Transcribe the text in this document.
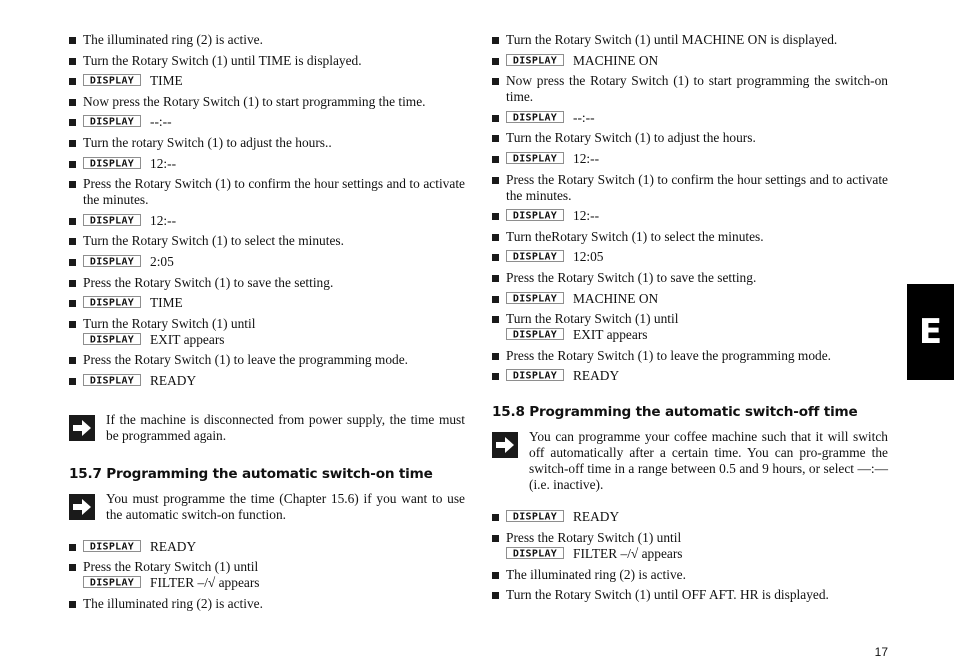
The illuminated ring (2) is active.
Turn the Rotary Switch (1) until TIME is displayed.
DISPLAY TIME
Now press the Rotary Switch (1) to start programming the time.
DISPLAY --:--
Turn the rotary Switch (1) to adjust the hours..
DISPLAY 12:--
Press the Rotary Switch (1) to confirm the hour settings and to activate the minutes.
DISPLAY 12:--
Turn the Rotary Switch (1) to select the minutes.
DISPLAY 2:05
Press the Rotary Switch (1) to save the setting.
DISPLAY TIME
Turn the Rotary Switch (1) until
DISPLAY EXIT appears
Press the Rotary Switch (1) to leave the programming mode.
DISPLAY READY
If the machine is disconnected from power supply, the time must be programmed again.
15.7 Programming the automatic switch-on time
You must programme the time (Chapter 15.6) if you want to use the automatic switch-on function.
DISPLAY READY
Press the Rotary Switch (1) until
DISPLAY FILTER –/√ appears
The illuminated ring (2) is active.
Turn the Rotary Switch (1) until MACHINE ON is displayed.
DISPLAY MACHINE ON
Now press the Rotary Switch (1) to start programming the switch-on time.
DISPLAY --:--
Turn the Rotary Switch (1) to adjust the hours.
DISPLAY 12:--
Press the Rotary Switch (1) to confirm the hour settings and to activate the minutes.
DISPLAY 12:--
Turn theRotary Switch (1) to select the minutes.
DISPLAY 12:05
Press the Rotary Switch (1) to save the setting.
DISPLAY MACHINE ON
Turn the Rotary Switch (1) until
DISPLAY EXIT appears
Press the Rotary Switch (1) to leave the programming mode.
DISPLAY READY
15.8 Programming the automatic switch-off time
You can programme your coffee machine such that it will switch off automatically after a certain time. You can pro-gramme the switch-off time in a range between 0.5 and 9 hours, or select —:— (i.e. inactive).
DISPLAY READY
Press the Rotary Switch (1) until
DISPLAY FILTER –/√ appears
The illuminated ring (2) is active.
Turn the Rotary Switch (1) until OFF AFT. HR is displayed.
E
17
